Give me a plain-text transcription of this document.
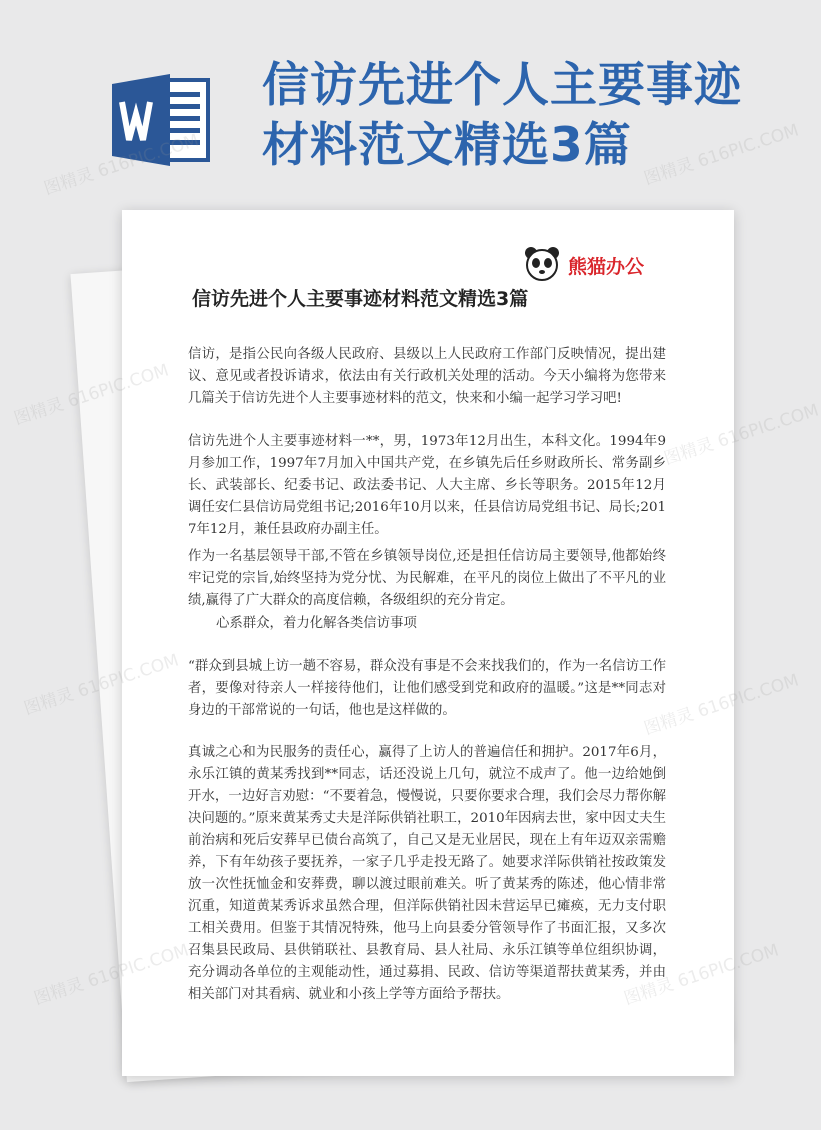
信访先进个人主要事迹
材料范文精选3篇
熊猫办公
信访先进个人主要事迹材料范文精选3篇
信访，是指公民向各级人民政府、县级以上人民政府工作部门反映情况，提出建议、意见或者投诉请求，依法由有关行政机关处理的活动。今天小编将为您带来几篇关于信访先进个人主要事迹材料的范文，快来和小编一起学习学习吧!
信访先进个人主要事迹材料一**，男，1973年12月出生，本科文化。1994年9月参加工作，1997年7月加入中国共产党，在乡镇先后任乡财政所长、常务副乡长、武装部长、纪委书记、政法委书记、人大主席、乡长等职务。2015年12月调任安仁县信访局党组书记;2016年10月以来，任县信访局党组书记、局长;2017年12月，兼任县政府办副主任。
作为一名基层领导干部,不管在乡镇领导岗位,还是担任信访局主要领导,他都始终牢记党的宗旨,始终坚持为党分忧、为民解难，在平凡的岗位上做出了不平凡的业绩,赢得了广大群众的高度信赖，各级组织的充分肯定。
心系群众，着力化解各类信访事项
“群众到县城上访一趟不容易，群众没有事是不会来找我们的，作为一名信访工作者，要像对待亲人一样接待他们，让他们感受到党和政府的温暖。”这是**同志对身边的干部常说的一句话，他也是这样做的。
真诚之心和为民服务的责任心，赢得了上访人的普遍信任和拥护。2017年6月，永乐江镇的黄某秀找到**同志，话还没说上几句，就泣不成声了。他一边给她倒开水，一边好言劝慰：“不要着急，慢慢说，只要你要求合理，我们会尽力帮你解决问题的。”原来黄某秀丈夫是洋际供销社职工，2010年因病去世，家中因丈夫生前治病和死后安葬早已债台高筑了，自己又是无业居民，现在上有年迈双亲需赡养，下有年幼孩子要抚养，一家子几乎走投无路了。她要求洋际供销社按政策发放一次性抚恤金和安葬费，聊以渡过眼前难关。听了黄某秀的陈述，他心情非常沉重，知道黄某秀诉求虽然合理，但洋际供销社因未营运早已瘫痪，无力支付职工相关费用。但鉴于其情况特殊，他马上向县委分管领导作了书面汇报，又多次召集县民政局、县供销联社、县教育局、县人社局、永乐江镇等单位组织协调，充分调动各单位的主观能动性，通过募捐、民政、信访等渠道帮扶黄某秀，并由相关部门对其看病、就业和小孩上学等方面给予帮扶。
图精灵 616PIC.COM	图精灵 616PIC.COM
图精灵	图精灵 616PIC.COM
图精灵	616PIC.COM
图精灵 616PIC.COM
